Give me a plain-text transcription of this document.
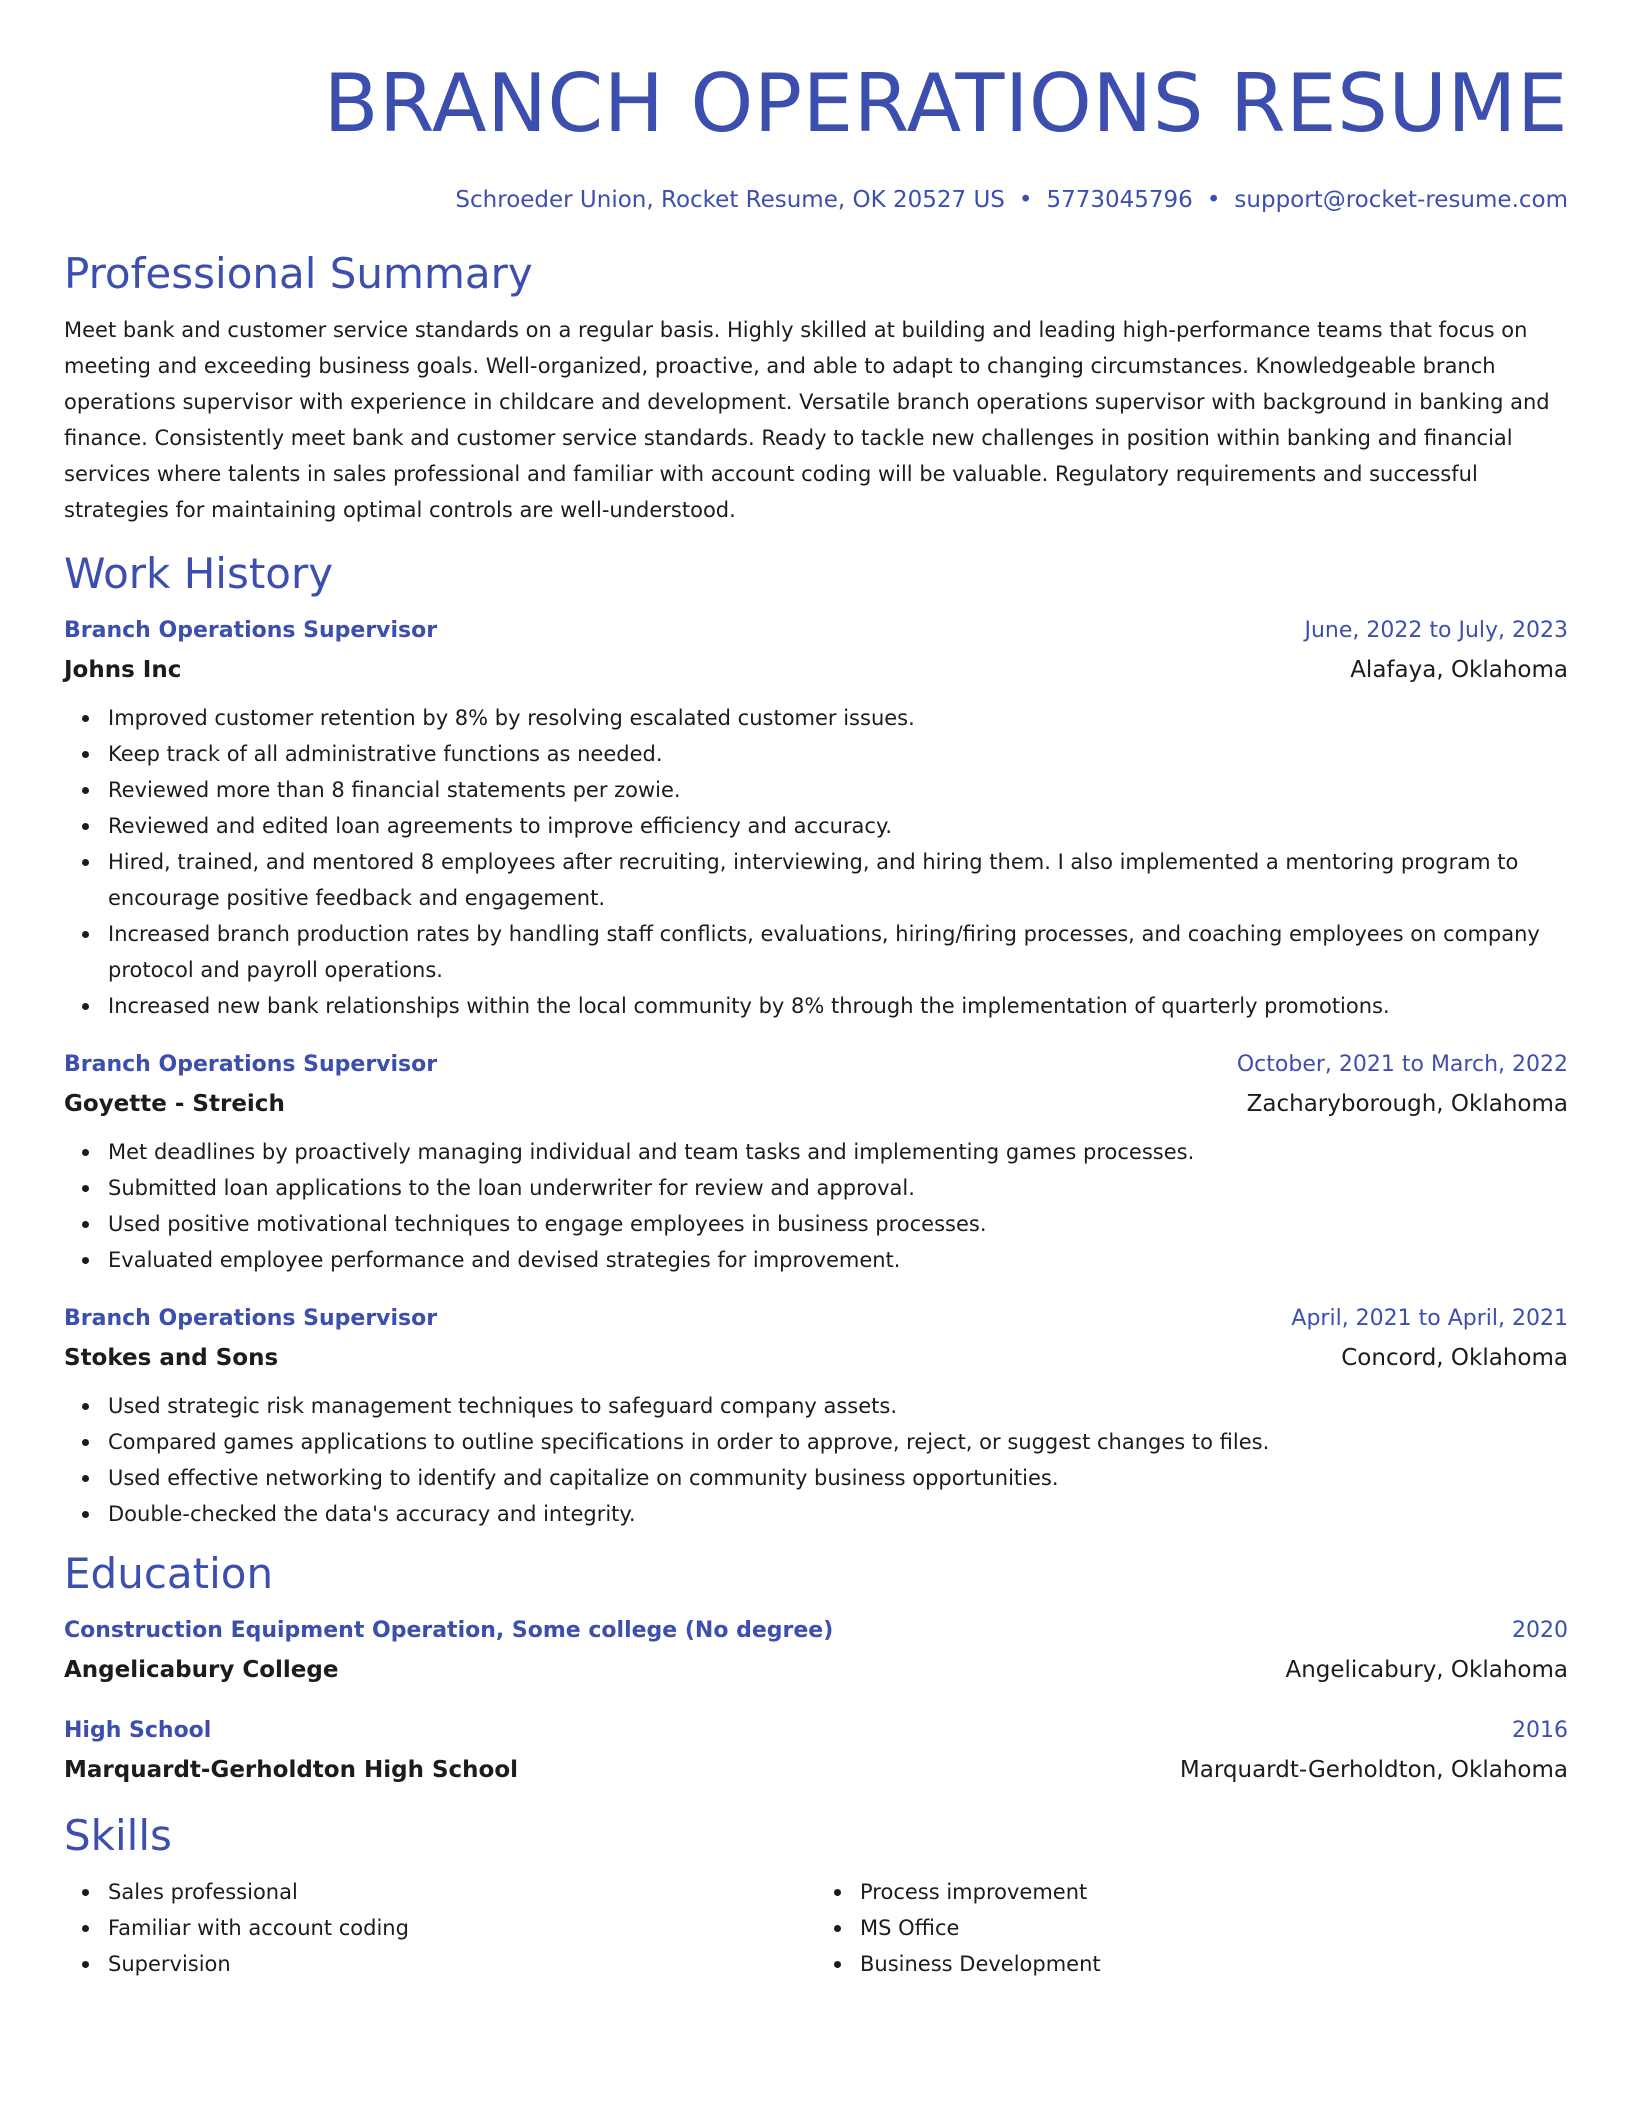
BRANCH OPERATIONS RESUME
Schroeder Union, Rocket Resume, OK 20527 US • 5773045796 • support@rocket-resume.com
Professional Summary

Meet bank and customer service standards on a regular basis. Highly skilled at building and leading high-performance teams that focus on meeting and exceeding business goals. Well-organized, proactive, and able to adapt to changing circumstances. Knowledgeable branch operations supervisor with experience in childcare and development. Versatile branch operations supervisor with background in banking and finance. Consistently meet bank and customer service standards. Ready to tackle new challenges in position within banking and financial services where talents in sales professional and familiar with account coding will be valuable. Regulatory requirements and successful strategies for maintaining optimal controls are well-understood.

Work History
Branch Operations Supervisor	June, 2022 to July, 2023
Johns Inc	Alafaya, Oklahoma
Improved customer retention by 8% by resolving escalated customer issues.
Keep track of all administrative functions as needed.
Reviewed more than 8 financial statements per zowie.
Reviewed and edited loan agreements to improve efficiency and accuracy.
Hired, trained, and mentored 8 employees after recruiting, interviewing, and hiring them. I also implemented a mentoring program to encourage positive feedback and engagement.
Increased branch production rates by handling staff conflicts, evaluations, hiring/firing processes, and coaching employees on company protocol and payroll operations.
Increased new bank relationships within the local community by 8% through the implementation of quarterly promotions.
Branch Operations Supervisor	October, 2021 to March, 2022
Goyette - Streich	Zacharyborough, Oklahoma
Met deadlines by proactively managing individual and team tasks and implementing games processes.
Submitted loan applications to the loan underwriter for review and approval.
Used positive motivational techniques to engage employees in business processes.
Evaluated employee performance and devised strategies for improvement.
Branch Operations Supervisor	April, 2021 to April, 2021
Stokes and Sons	Concord, Oklahoma
Used strategic risk management techniques to safeguard company assets.
Compared games applications to outline specifications in order to approve, reject, or suggest changes to files.
Used effective networking to identify and capitalize on community business opportunities.
Double-checked the data's accuracy and integrity.
Education
Construction Equipment Operation, Some college (No degree)	2020
Angelicabury College	Angelicabury, Oklahoma
High School	2016
Marquardt-Gerholdton High School	Marquardt-Gerholdton, Oklahoma
Skills
Sales professional
Familiar with account coding
Supervision
Process improvement
MS Office
Business Development
